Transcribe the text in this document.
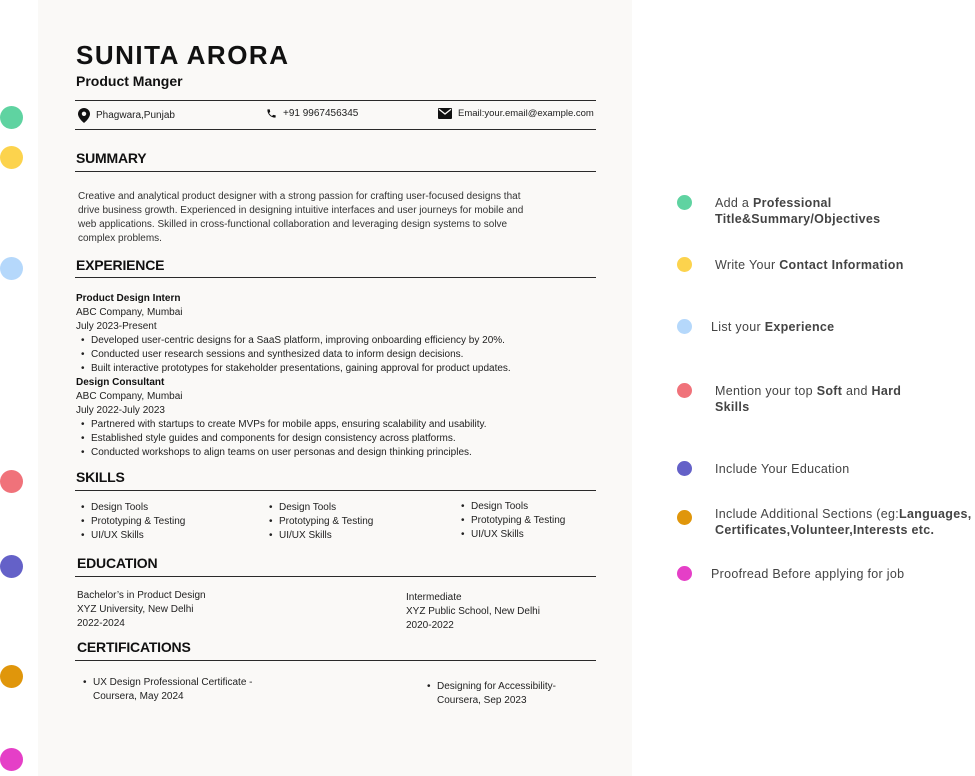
SUNITA ARORA
Product Manger
Phagwara,Punjab	+91 9967456345	Email:your.email@example.com
SUMMARY
Creative and analytical product designer with a strong passion for crafting user-focused designs that
drive business growth. Experienced in designing intuitive interfaces and user journeys for mobile and
web applications. Skilled in cross-functional collaboration and leveraging design systems to solve
complex problems.
EXPERIENCE
Product Design Intern
ABC Company, Mumbai
July 2023-Present
• Developed user-centric designs for a SaaS platform, improving onboarding efficiency by 20%.
• Conducted user research sessions and synthesized data to inform design decisions.
• Built interactive prototypes for stakeholder presentations, gaining approval for product updates.
Design Consultant
ABC Company, Mumbai
July 2022-July 2023
• Partnered with startups to create MVPs for mobile apps, ensuring scalability and usability.
• Established style guides and components for design consistency across platforms.
• Conducted workshops to align teams on user personas and design thinking principles.
SKILLS
• Design Tools
• Prototyping & Testing
• UI/UX Skills
• Design Tools
• Prototyping & Testing
• UI/UX Skills
• Design Tools
• Prototyping & Testing
• UI/UX Skills
EDUCATION
Bachelor’s in Product Design
XYZ University, New Delhi
2022-2024
Intermediate
XYZ Public School, New Delhi
2020-2022
CERTIFICATIONS
• UX Design Professional Certificate -
Coursera, May 2024
• Designing for Accessibility-
Coursera, Sep 2023
Add a Professional Title&Summary/Objectives
Write Your Contact Information
List your Experience
Mention your top Soft and Hard Skills
Include Your Education
Include Additional Sections (eg:Languages, Certificates,Volunteer,Interests etc.
Proofread Before applying for job
